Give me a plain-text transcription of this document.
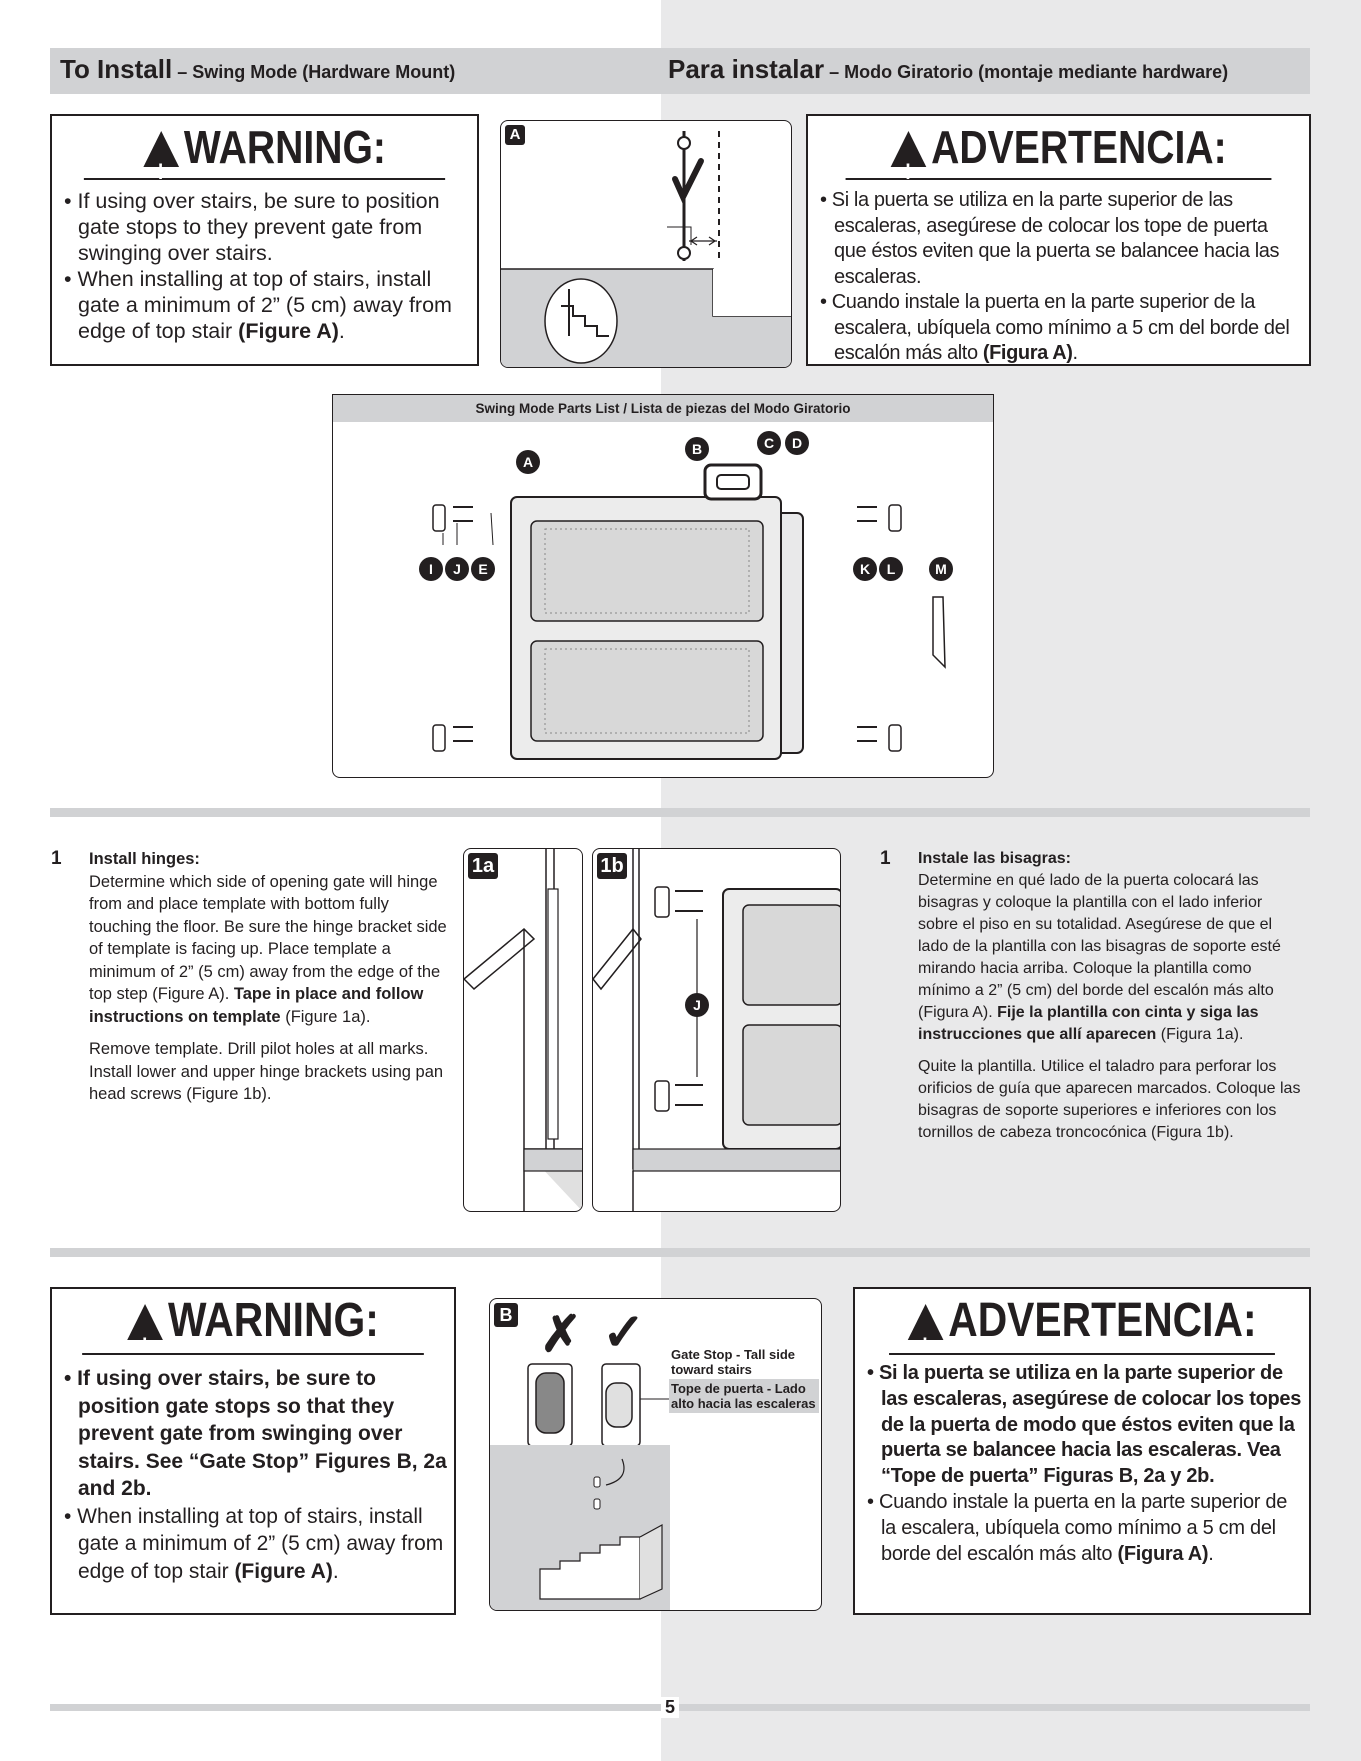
To Install – Swing Mode (Hardware Mount)	Para instalar – Modo Giratorio (montaje mediante hardware)
! WARNING:

• If using over stairs, be sure to position gate stops to they prevent gate from swinging over stairs.

• When installing at top of stairs, install gate a minimum of 2” (5 cm) away from edge of top stair (Figure A).

A
! ADVERTENCIA:

• Si la puerta se utiliza en la parte superior de las escaleras, asegúrese de colocar los tope de puerta que éstos eviten que la puerta se balancee hacia las escaleras.

• Cuando instale la puerta en la parte superior de la escalera, ubíquela como mínimo a 5 cm del borde del escalón más alto (Figura A).

Swing Mode Parts List / Lista de piezas del Modo Giratorio
A
B	C	D
I	J	E	K	L	M
1 Install hinges:

Determine which side of opening gate will hinge from and place template with bottom fully touching the floor. Be sure the hinge bracket side of template is facing up. Place template a minimum of 2” (5 cm) away from the edge of the top step (Figure A). Tape in place and follow instructions on template (Figure 1a).

Remove template. Drill pilot holes at all marks. Install lower and upper hinge brackets using pan head screws (Figure 1b).

1a	1b
J
1 Instale las bisagras:

Determine en qué lado de la puerta colocará las bisagras y coloque la plantilla con el lado inferior sobre el piso en su totalidad. Asegúrese de que el lado de la plantilla con las bisagras de soporte esté mirando hacia arriba. Coloque la plantilla como mínimo a 2” (5 cm) del borde del escalón más alto (Figura A). Fije la plantilla con cinta y siga las instrucciones que allí aparecen (Figura 1a).

Quite la plantilla. Utilice el taladro para perforar los orificios de guía que aparecen marcados. Coloque las bisagras de soporte superiores e inferiores con los tornillos de cabeza troncocónica (Figura 1b).

! WARNING:

• If using over stairs, be sure to position gate stops so that they prevent gate from swinging over stairs. See “Gate Stop” Figures B, 2a and 2b.

• When installing at top of stairs, install gate a minimum of 2” (5 cm) away from edge of top stair (Figure A).

B ✗ ✓ Gate Stop - Tall side toward stairs
Tope de puerta - Lado alto hacia las escaleras
! ADVERTENCIA:

• Si la puerta se utiliza en la parte superior de las escaleras, asegúrese de colocar los topes de la puerta de modo que éstos eviten que la puerta se balancee hacia las escaleras. Vea “Tope de puerta” Figuras B, 2a y 2b.

• Cuando instale la puerta en la parte superior de la escalera, ubíquela como mínimo a 5 cm del borde del escalón más alto (Figura A).

5
